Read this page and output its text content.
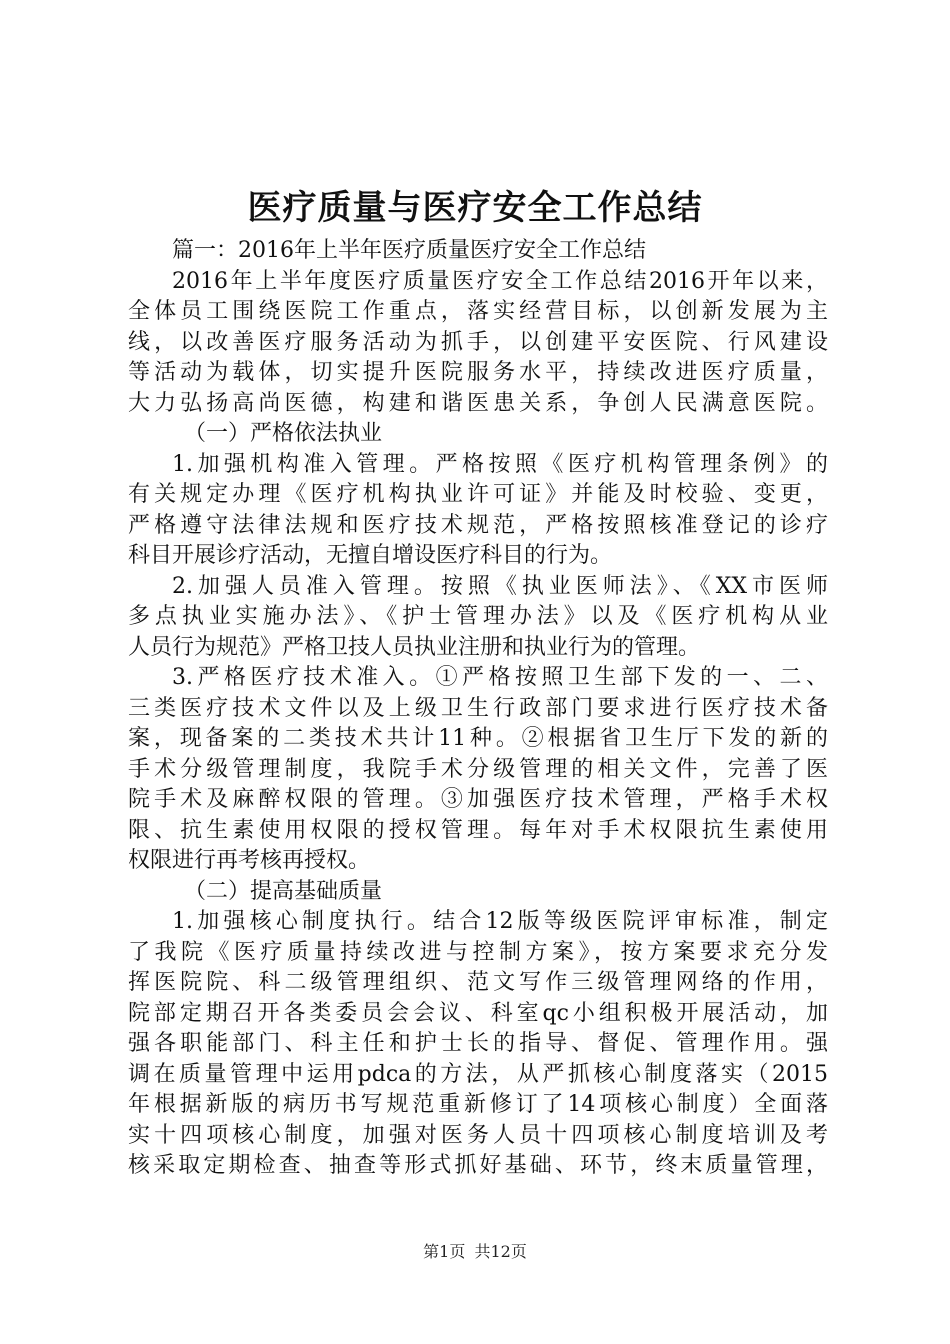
医疗质量与医疗安全工作总结
篇一：2016年上半年医疗质量医疗安全工作总结
2016年上半年度医疗质量医疗安全工作总结2016开年以来，
全体员工围绕医院工作重点，落实经营目标，以创新发展为主
线，以改善医疗服务活动为抓手，以创建平安医院、行风建设
等活动为载体，切实提升医院服务水平，持续改进医疗质量，
大力弘扬高尚医德，构建和谐医患关系，争创人民满意医院。
（一）严格依法执业
1.加强机构准入管理。严格按照《医疗机构管理条例》的
有关规定办理《医疗机构执业许可证》并能及时校验、变更，
严格遵守法律法规和医疗技术规范，严格按照核准登记的诊疗
科目开展诊疗活动，无擅自增设医疗科目的行为。
2.加强人员准入管理。按照《执业医师法》、《XX市医师
多点执业实施办法》、《护士管理办法》以及《医疗机构从业
人员行为规范》严格卫技人员执业注册和执业行为的管理。
3.严格医疗技术准入。①严格按照卫生部下发的一、二、
三类医疗技术文件以及上级卫生行政部门要求进行医疗技术备
案，现备案的二类技术共计11种。②根据省卫生厅下发的新的
手术分级管理制度，我院手术分级管理的相关文件，完善了医
院手术及麻醉权限的管理。③加强医疗技术管理，严格手术权
限、抗生素使用权限的授权管理。每年对手术权限抗生素使用
权限进行再考核再授权。
（二）提高基础质量
1.加强核心制度执行。结合12版等级医院评审标准，制定
了我院《医疗质量持续改进与控制方案》，按方案要求充分发
挥医院院、科二级管理组织、范文写作三级管理网络的作用，
院部定期召开各类委员会会议、科室qc小组积极开展活动，加
强各职能部门、科主任和护士长的指导、督促、管理作用。强
调在质量管理中运用pdca的方法，从严抓核心制度落实（2015
年根据新版的病历书写规范重新修订了14项核心制度）全面落
实十四项核心制度，加强对医务人员十四项核心制度培训及考
核采取定期检查、抽查等形式抓好基础、环节，终末质量管理，
第1页 共12页
